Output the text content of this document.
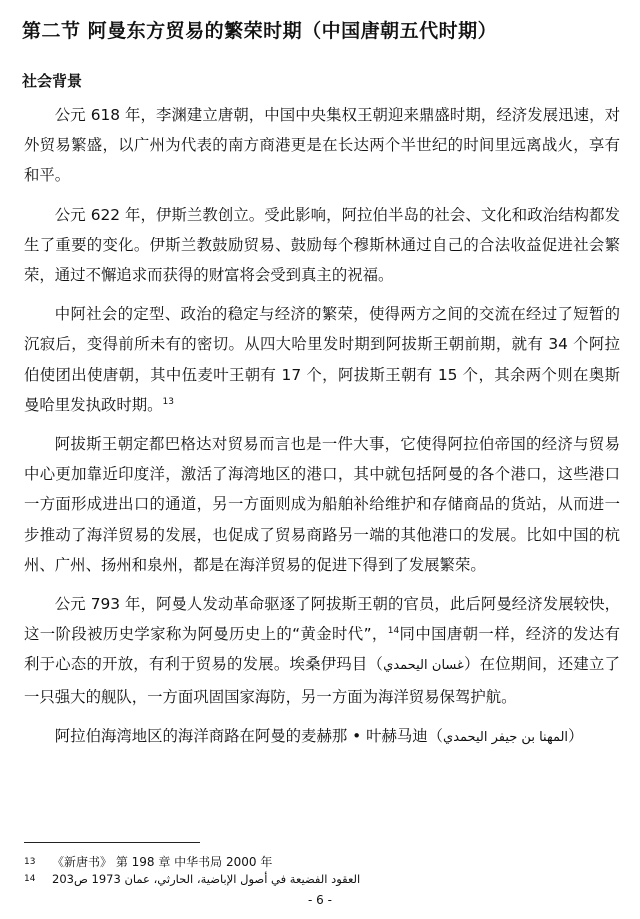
第二节 阿曼东方贸易的繁荣时期（中国唐朝五代时期）
社会背景

公元 618 年，李渊建立唐朝，中国中央集权王朝迎来鼎盛时期，经济发展迅速，对外贸易繁盛，以广州为代表的南方商港更是在长达两个半世纪的时间里远离战火，享有和平。

公元 622 年，伊斯兰教创立。受此影响，阿拉伯半岛的社会、文化和政治结构都发生了重要的变化。伊斯兰教鼓励贸易、鼓励每个穆斯林通过自己的合法收益促进社会繁荣，通过不懈追求而获得的财富将会受到真主的祝福。

中阿社会的定型、政治的稳定与经济的繁荣，使得两方之间的交流在经过了短暂的沉寂后，变得前所未有的密切。从四大哈里发时期到阿拔斯王朝前期，就有 34 个阿拉伯使团出使唐朝，其中伍麦叶王朝有 17 个，阿拔斯王朝有 15 个，其余两个则在奥斯曼哈里发执政时期。$^{13}$

阿拔斯王朝定都巴格达对贸易而言也是一件大事，它使得阿拉伯帝国的经济与贸易中心更加靠近印度洋，激活了海湾地区的港口，其中就包括阿曼的各个港口，这些港口一方面形成进出口的通道，另一方面则成为船舶补给维护和存储商品的货站，从而进一步推动了海洋贸易的发展，也促成了贸易商路另一端的其他港口的发展。比如中国的杭州、广州、扬州和泉州，都是在海洋贸易的促进下得到了发展繁荣。

公元 793 年，阿曼人发动革命驱逐了阿拔斯王朝的官员，此后阿曼经济发展较快，这一阶段被历史学家称为阿曼历史上的“黄金时代”，$^{14}$同中国唐朝一样，经济的发达有利于心态的开放，有利于贸易的发展。埃桑伊玛目（غسان اليحمدي）在位期间，还建立了一只强大的舰队，一方面巩固国家海防，另一方面为海洋贸易保驾护航。

阿拉伯海湾地区的海洋商路在阿曼的麦赫那 • 叶赫马迪（المهنا بن جيفر اليحمدي）

13 《新唐书》 第 198 章 中华书局 2000 年
14 العقود الفضيعة في أصول الإباضية، الحارثي، عمان 1973 ص203
- 6 -
